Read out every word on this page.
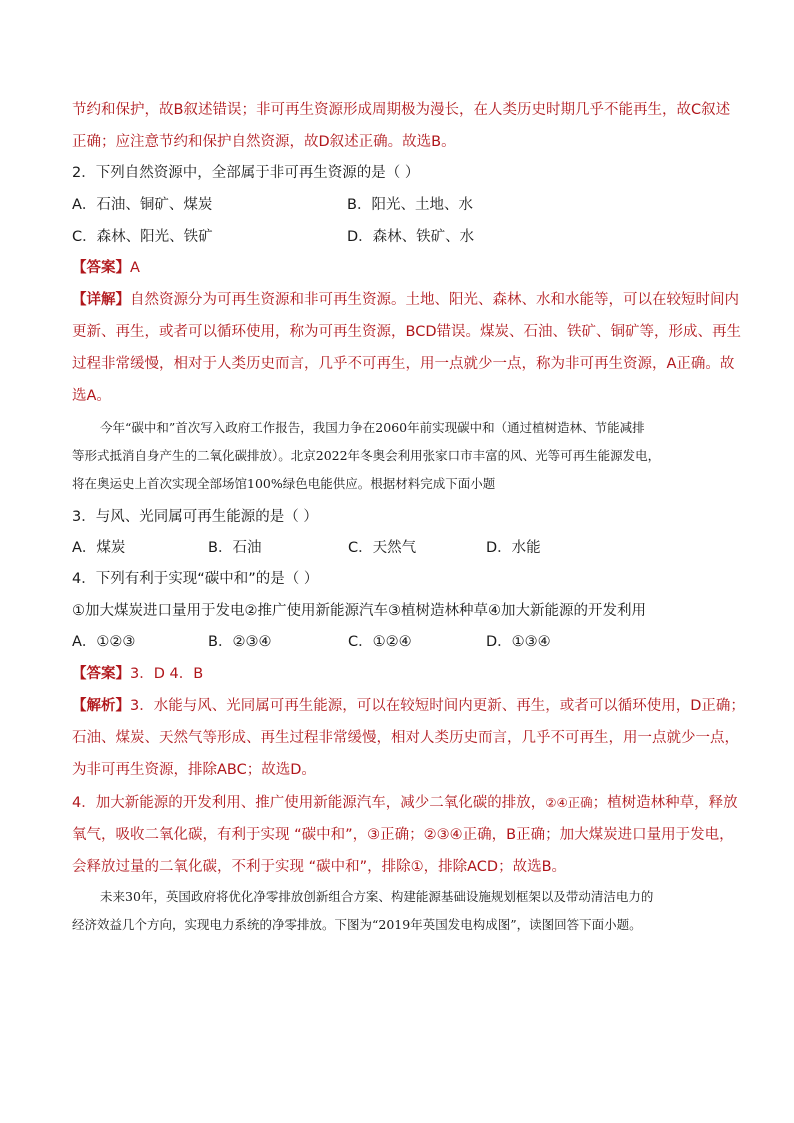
节约和保护，故B叙述错误；非可再生资源形成周期极为漫长，在人类历史时期几乎不能再生，故C叙述
正确；应注意节约和保护自然资源，故D叙述正确。故选B。
2．下列自然资源中，全部属于非可再生资源的是（ ）
A．石油、铜矿、煤炭	B．阳光、土地、水
C．森林、阳光、铁矿	D．森林、铁矿、水
【答案】A
【详解】自然资源分为可再生资源和非可再生资源。土地、阳光、森林、水和水能等，可以在较短时间内
更新、再生，或者可以循环使用，称为可再生资源，BCD错误。煤炭、石油、铁矿、铜矿等，形成、再生
过程非常缓慢，相对于人类历史而言，几乎不可再生，用一点就少一点，称为非可再生资源，A正确。故
选A。
今年“碳中和”首次写入政府工作报告，我国力争在2060年前实现碳中和（通过植树造林、节能减排
等形式抵消自身产生的二氧化碳排放）。北京2022年冬奥会利用张家口市丰富的风、光等可再生能源发电，
将在奥运史上首次实现全部场馆100%绿色电能供应。根据材料完成下面小题
3．与风、光同属可再生能源的是（ ）
A．煤炭	B．石油	C．天然气	D．水能
4．下列有利于实现“碳中和”的是（ ）
①加大煤炭进口量用于发电②推广使用新能源汽车③植树造林种草④加大新能源的开发利用
A．①②③	B．②③④	C．①②④	D．①③④
【答案】3．D 4．B
【解析】3．水能与风、光同属可再生能源，可以在较短时间内更新、再生，或者可以循环使用，D正确；
石油、煤炭、天然气等形成、再生过程非常缓慢，相对人类历史而言，几乎不可再生，用一点就少一点，
为非可再生资源，排除ABC；故选D。
4．加大新能源的开发利用、推广使用新能源汽车，减少二氧化碳的排放，②④正确；植树造林种草，释放
氧气，吸收二氧化碳，有利于实现 “碳中和”，③正确；②③④正确，B正确；加大煤炭进口量用于发电，
会释放过量的二氧化碳，不利于实现 “碳中和”，排除①，排除ACD；故选B。
未来30年，英国政府将优化净零排放创新组合方案、构建能源基础设施规划框架以及带动清洁电力的
经济效益几个方向，实现电力系统的净零排放。下图为“2019年英国发电构成图”，读图回答下面小题。
